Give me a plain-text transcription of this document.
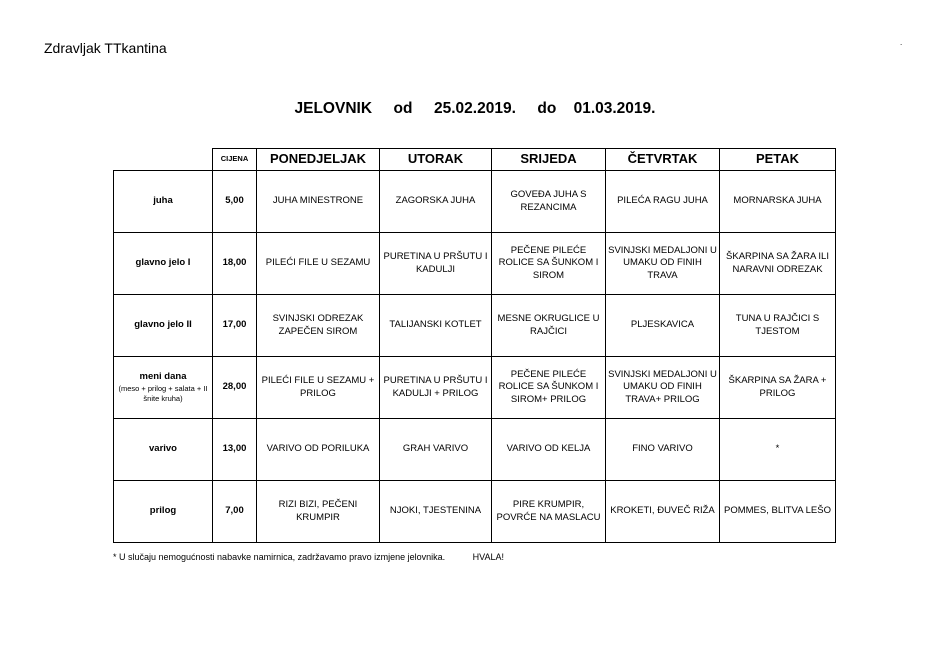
Zdravljak TTkantina	.
JELOVNIK     od     25.02.2019.     do    01.03.2019.
	CIJENA	PONEDJELJAK	UTORAK	SRIJEDA	ČETVRTAK	PETAK
juha	5,00	JUHA MINESTRONE	ZAGORSKA JUHA	GOVEĐA JUHA S REZANCIMA	PILEĆA RAGU JUHA	MORNARSKA JUHA
glavno jelo I	18,00	PILEĆI FILE U SEZAMU	PURETINA U PRŠUTU I KADULJI	PEČENE PILEĆE ROLICE SA ŠUNKOM I SIROM	SVINJSKI MEDALJONI U UMAKU OD FINIH TRAVA	ŠKARPINA SA ŽARA ILI NARAVNI ODREZAK
glavno jelo II	17,00	SVINJSKI ODREZAK ZAPEČEN SIROM	TALIJANSKI KOTLET	MESNE OKRUGLICE U RAJČICI	PLJESKAVICA	TUNA U RAJČICI S TJESTOM
meni dana
(meso + prilog + salata + II šnite kruha)	28,00	PILEĆI FILE U SEZAMU + PRILOG	PURETINA U PRŠUTU I KADULJI + PRILOG	PEČENE PILEĆE ROLICE SA ŠUNKOM I SIROM+ PRILOG	SVINJSKI MEDALJONI U UMAKU OD FINIH TRAVA+ PRILOG	ŠKARPINA SA ŽARA + PRILOG
varivo	13,00	VARIVO OD PORILUKA	GRAH VARIVO	VARIVO OD KELJA	FINO VARIVO	*
prilog	7,00	RIZI BIZI, PEČENI KRUMPIR	NJOKI, TJESTENINA	PIRE KRUMPIR, POVRĆE NA MASLACU	KROKETI, ĐUVEČ RIŽA	POMMES, BLITVA LEŠO
* U slučaju nemogućnosti nabavke namirnica, zadržavamo pravo izmjene jelovnika.           HVALA!
